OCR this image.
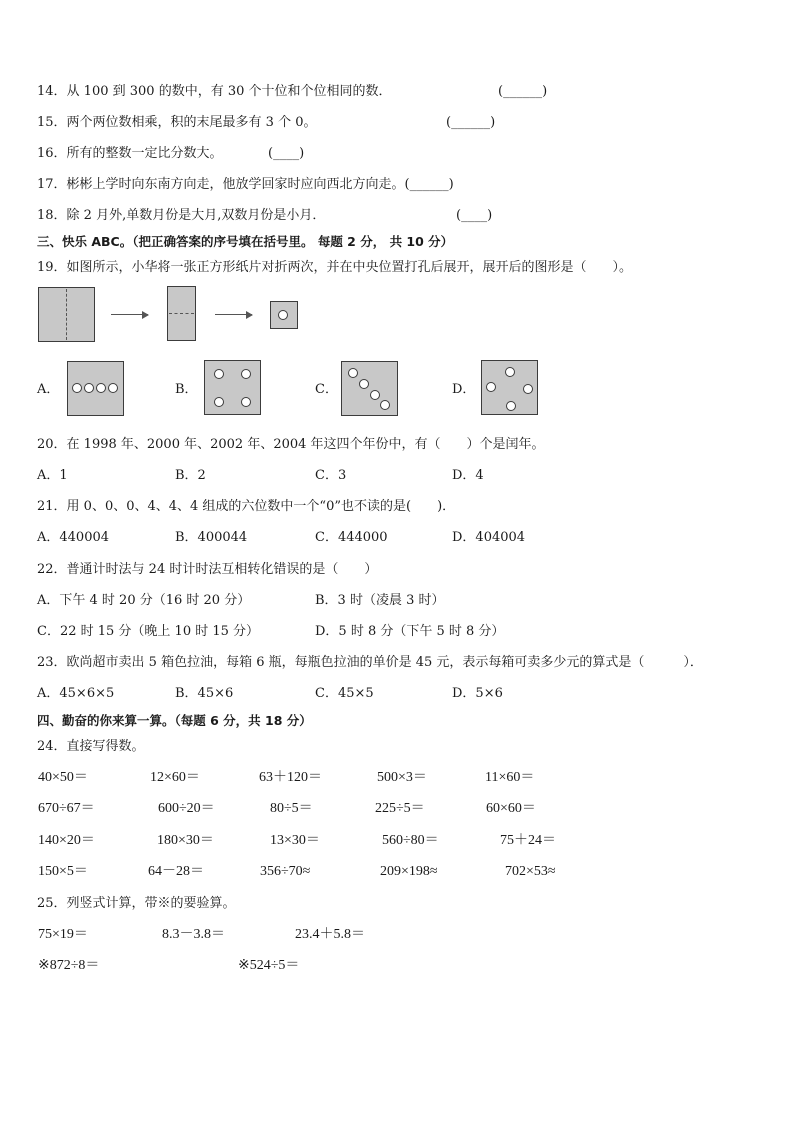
14．从 100 到 300 的数中，有 30 个十位和个位相同的数．	(______)
15．两个两位数相乘，积的末尾最多有 3 个 0。	(______)
16．所有的整数一定比分数大。	(____)
17．彬彬上学时向东南方向走，他放学回家时应向西北方向走。(______)
18．除 2 月外,单数月份是大月,双数月份是小月．	(____)
三、快乐 ABC。（把正确答案的序号填在括号里。 每题 2 分， 共 10 分）
19．如图所示，小华将一张正方形纸片对折两次，并在中央位置打孔后展开，展开后的图形是（　　）。
A．	B．	C．	D．
20．在 1998 年、2000 年、2002 年、2004 年这四个年份中，有（　　）个是闰年。
A．1	B．2	C．3	D．4
21．用 0、0、0、4、4、4 组成的六位数中一个“0”也不读的是(　　)．
A．440004	B．400044	C．444000	D．404004
22．普通计时法与 24 时计时法互相转化错误的是（　　）
A．下午 4 时 20 分（16 时 20 分）	B．3 时（凌晨 3 时）
C．22 时 15 分（晚上 10 时 15 分）	D．5 时 8 分（下午 5 时 8 分）
23．欧尚超市卖出 5 箱色拉油，每箱 6 瓶，每瓶色拉油的单价是 45 元，表示每箱可卖多少元的算式是（　　　）．
A．45×6×5	B．45×6	C．45×5	D．5×6
四、勤奋的你来算一算。（每题 6 分，共 18 分）
24．直接写得数。
40×50＝	12×60＝	63＋120＝	500×3＝	11×60＝
670÷67＝	600÷20＝	80÷5＝	225÷5＝	60×60＝
140×20＝	180×30＝	13×30＝	560÷80＝	75＋24＝
150×5＝	64－28＝	356÷70≈	209×198≈	702×53≈
25．列竖式计算，带※的要验算。
75×19＝	8.3－3.8＝	23.4＋5.8＝
※872÷8＝	※524÷5＝
